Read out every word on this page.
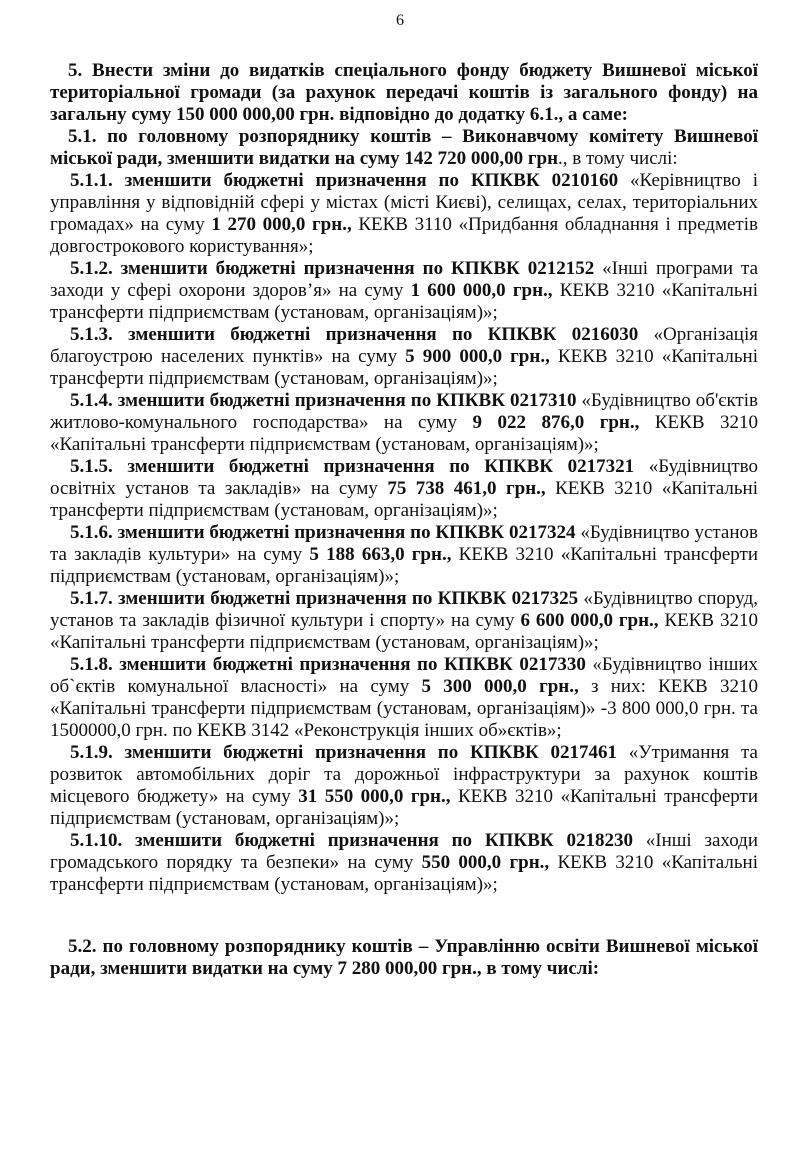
6

5. Внести зміни до видатків спеціального фонду бюджету Вишневої міської територіальної громади (за рахунок передачі коштів із загального фонду) на загальну суму 150 000 000,00 грн. відповідно до додатку 6.1., а саме:

5.1. по головному розпоряднику коштів – Виконавчому комітету Вишневої міської ради, зменшити видатки на суму 142 720 000,00 грн., в тому числі:

5.1.1. зменшити бюджетні призначення по КПКВК 0210160 «Керівництво і управління у відповідній сфері у містах (місті Києві), селищах, селах, територіальних громадах» на суму 1 270 000,0 грн., КЕКВ 3110 «Придбання обладнання і предметів довгострокового користування»;

5.1.2. зменшити бюджетні призначення по КПКВК 0212152 «Інші програми та заходи у сфері охорони здоров’я» на суму 1 600 000,0 грн., КЕКВ 3210 «Капітальні трансферти підприємствам (установам, організаціям)»;

5.1.3. зменшити бюджетні призначення по КПКВК 0216030 «Організація благоустрою населених пунктів» на суму 5 900 000,0 грн., КЕКВ 3210 «Капітальні трансферти підприємствам (установам, організаціям)»;

5.1.4. зменшити бюджетні призначення по КПКВК 0217310 «Будівництво об'єктів житлово-комунального господарства» на суму 9 022 876,0 грн., КЕКВ 3210 «Капітальні трансферти підприємствам (установам, організаціям)»;

5.1.5. зменшити бюджетні призначення по КПКВК 0217321 «Будівництво освітніх установ та закладів» на суму 75 738 461,0 грн., КЕКВ 3210 «Капітальні трансферти підприємствам (установам, організаціям)»;

5.1.6. зменшити бюджетні призначення по КПКВК 0217324 «Будівництво установ та закладів культури» на суму 5 188 663,0 грн., КЕКВ 3210 «Капітальні трансферти підприємствам (установам, організаціям)»;

5.1.7. зменшити бюджетні призначення по КПКВК 0217325 «Будівництво споруд, установ та закладів фізичної культури і спорту» на суму 6 600 000,0 грн., КЕКВ 3210 «Капітальні трансферти підприємствам (установам, організаціям)»;

5.1.8. зменшити бюджетні призначення по КПКВК 0217330 «Будівництво інших об`єктів комунальної власності» на суму 5 300 000,0 грн., з них: КЕКВ 3210 «Капітальні трансферти підприємствам (установам, організаціям)» -3 800 000,0 грн. та 1500000,0 грн. по КЕКВ 3142 «Реконструкція інших об»єктів»;

5.1.9. зменшити бюджетні призначення по КПКВК 0217461 «Утримання та розвиток автомобільних доріг та дорожньої інфраструктури за рахунок коштів місцевого бюджету» на суму 31 550 000,0 грн., КЕКВ 3210 «Капітальні трансферти підприємствам (установам, організаціям)»;

5.1.10. зменшити бюджетні призначення по КПКВК 0218230 «Інші заходи громадського порядку та безпеки» на суму 550 000,0 грн., КЕКВ 3210 «Капітальні трансферти підприємствам (установам, організаціям)»;

5.2. по головному розпоряднику коштів – Управлінню освіти Вишневої міської ради, зменшити видатки на суму 7 280 000,00 грн., в тому числі:
